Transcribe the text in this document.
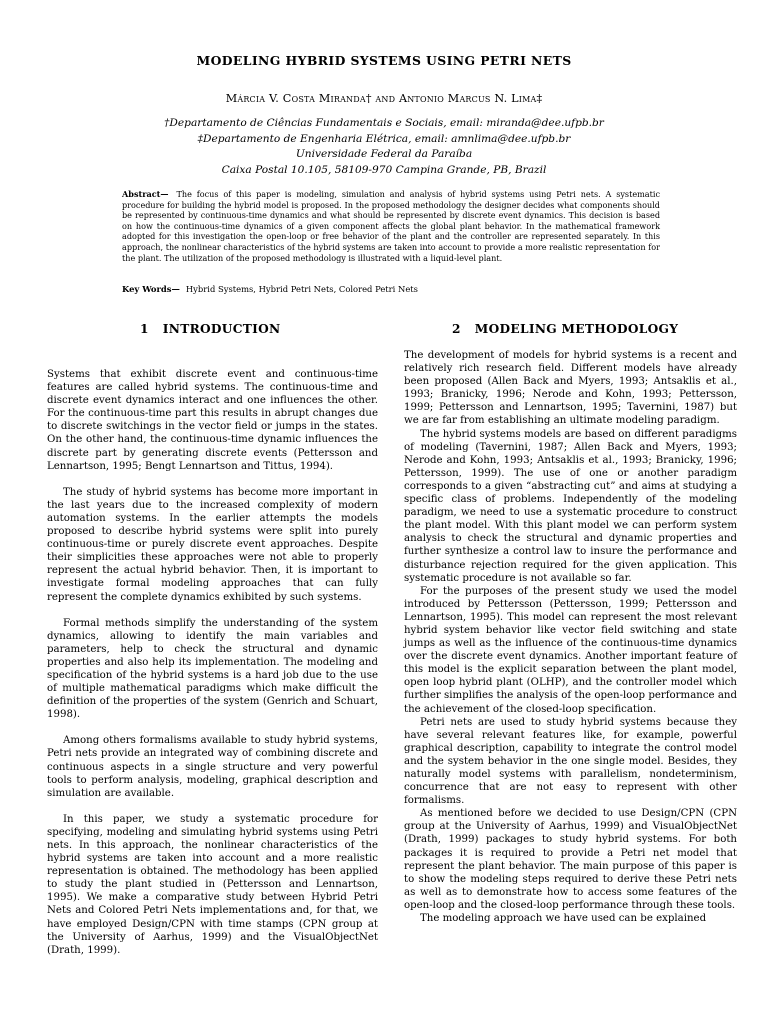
MODELING HYBRID SYSTEMS USING PETRI NETS
Márcia V. Costa Miranda† and Antonio Marcus N. Lima‡
†Departamento de Ciências Fundamentais e Sociais, email: miranda@dee.ufpb.br
‡Departamento de Engenharia Elétrica, email: amnlima@dee.ufpb.br
Universidade Federal da Paraíba
Caixa Postal 10.105, 58109-970 Campina Grande, PB, Brazil
Abstract— The focus of this paper is modeling, simulation and analysis of hybrid systems using Petri nets. A systematic procedure for building the hybrid model is proposed. In the proposed methodology the designer decides what components should be represented by continuous-time dynamics and what should be represented by discrete event dynamics. This decision is based on how the continuous-time dynamics of a given component affects the global plant behavior. In the mathematical framework adopted for this investigation the open-loop or free behavior of the plant and the controller are represented separately. In this approach, the nonlinear characteristics of the hybrid systems are taken into account to provide a more realistic representation for the plant. The utilization of the proposed methodology is illustrated with a liquid-level plant.
Key Words— Hybrid Systems, Hybrid Petri Nets, Colored Petri Nets
1 INTRODUCTION	2 MODELING METHODOLOGY

Systems that exhibit discrete event and continuous-time features are called hybrid systems. The continuous-time and discrete event dynamics interact and one influences the other. For the continuous-time part this results in abrupt changes due to discrete switchings in the vector field or jumps in the states. On the other hand, the continuous-time dynamic influences the discrete part by generating discrete events (Pettersson and Lennartson, 1995; Bengt Lennartson and Tittus, 1994).

The study of hybrid systems has become more important in the last years due to the increased complexity of modern automation systems. In the earlier attempts the models proposed to describe hybrid systems were split into purely continuous-time or purely discrete event approaches. Despite their simplicities these approaches were not able to properly represent the actual hybrid behavior. Then, it is important to investigate formal modeling approaches that can fully represent the complete dynamics exhibited by such systems.

Formal methods simplify the understanding of the system dynamics, allowing to identify the main variables and parameters, help to check the structural and dynamic properties and also help its implementation. The modeling and specification of the hybrid systems is a hard job due to the use of multiple mathematical paradigms which make difficult the definition of the properties of the system (Genrich and Schuart, 1998).

Among others formalisms available to study hybrid systems, Petri nets provide an integrated way of combining discrete and continuous aspects in a single structure and very powerful tools to perform analysis, modeling, graphical description and simulation are available.

In this paper, we study a systematic procedure for specifying, modeling and simulating hybrid systems using Petri nets. In this approach, the nonlinear characteristics of the hybrid systems are taken into account and a more realistic representation is obtained. The methodology has been applied to study the plant studied in (Pettersson and Lennartson, 1995). We make a comparative study between Hybrid Petri Nets and Colored Petri Nets implementations and, for that, we have employed Design/CPN with time stamps (CPN group at the University of Aarhus, 1999) and the VisualObjectNet (Drath, 1999).

The development of models for hybrid systems is a recent and relatively rich research field. Different models have already been proposed (Allen Back and Myers, 1993; Antsaklis et al., 1993; Branicky, 1996; Nerode and Kohn, 1993; Pettersson, 1999; Pettersson and Lennartson, 1995; Tavernini, 1987) but we are far from establishing an ultimate modeling paradigm.

The hybrid systems models are based on different paradigms of modeling (Tavernini, 1987; Allen Back and Myers, 1993; Nerode and Kohn, 1993; Antsaklis et al., 1993; Branicky, 1996; Pettersson, 1999). The use of one or another paradigm corresponds to a given “abstracting cut” and aims at studying a specific class of problems. Independently of the modeling paradigm, we need to use a systematic procedure to construct the plant model. With this plant model we can perform system analysis to check the structural and dynamic properties and further synthesize a control law to insure the performance and disturbance rejection required for the given application. This systematic procedure is not available so far.

For the purposes of the present study we used the model introduced by Pettersson (Pettersson, 1999; Pettersson and Lennartson, 1995). This model can represent the most relevant hybrid system behavior like vector field switching and state jumps as well as the influence of the continuous-time dynamics over the discrete event dynamics. Another important feature of this model is the explicit separation between the plant model, open loop hybrid plant (OLHP), and the controller model which further simplifies the analysis of the open-loop performance and the achievement of the closed-loop specification.

Petri nets are used to study hybrid systems because they have several relevant features like, for example, powerful graphical description, capability to integrate the control model and the system behavior in the one single model. Besides, they naturally model systems with parallelism, nondeterminism, concurrence that are not easy to represent with other formalisms.

As mentioned before we decided to use Design/CPN (CPN group at the University of Aarhus, 1999) and VisualObjectNet (Drath, 1999) packages to study hybrid systems. For both packages it is required to provide a Petri net model that represent the plant behavior. The main purpose of this paper is to show the modeling steps required to derive these Petri nets as well as to demonstrate how to access some features of the open-loop and the closed-loop performance through these tools.

The modeling approach we have used can be explained
